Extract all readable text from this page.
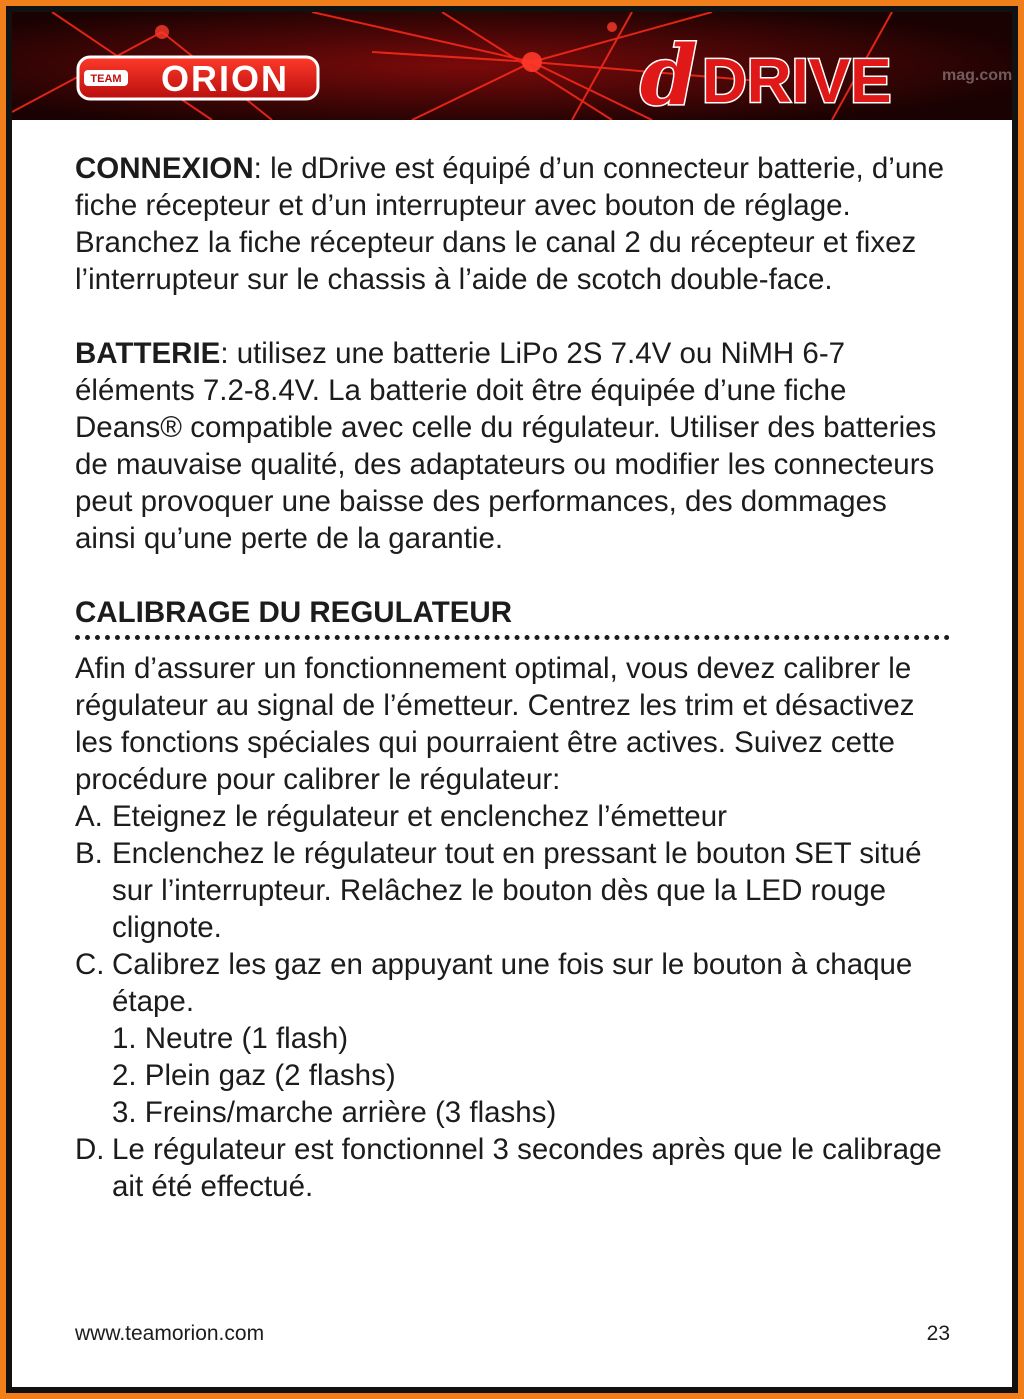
TEAM ORION	d DRIVE	mag.com

CONNEXION: le dDrive est équipé d’un connecteur batterie, d’une fiche récepteur et d’un interrupteur avec bouton de réglage. Branchez la fiche récepteur dans le canal 2 du récepteur et fixez l’interrupteur sur le chassis à l’aide de scotch double-face.

BATTERIE: utilisez une batterie LiPo 2S 7.4V ou NiMH 6-7 éléments 7.2-8.4V. La batterie doit être équipée d’une fiche Deans® compatible avec celle du régulateur. Utiliser des batteries de mauvaise qualité, des adaptateurs ou modifier les connecteurs peut provoquer une baisse des performances, des dommages ainsi qu’une perte de la garantie.

CALIBRAGE DU REGULATEUR

Afin d’assurer un fonctionnement optimal, vous devez calibrer le régulateur au signal de l’émetteur. Centrez les trim et désactivez les fonctions spéciales qui pourraient être actives. Suivez cette procédure pour calibrer le régulateur:

A. Eteignez le régulateur et enclenchez l’émetteur
B. Enclenchez le régulateur tout en pressant le bouton SET situé sur l’interrupteur. Relâchez le bouton dès que la LED rouge clignote.
C. Calibrez les gaz en appuyant une fois sur le bouton à chaque étape.
1. Neutre (1 flash)
2. Plein gaz (2 flashs)
3. Freins/marche arrière (3 flashs)
D. Le régulateur est fonctionnel 3 secondes après que le calibrage ait été effectué.
www.teamorion.com	23
